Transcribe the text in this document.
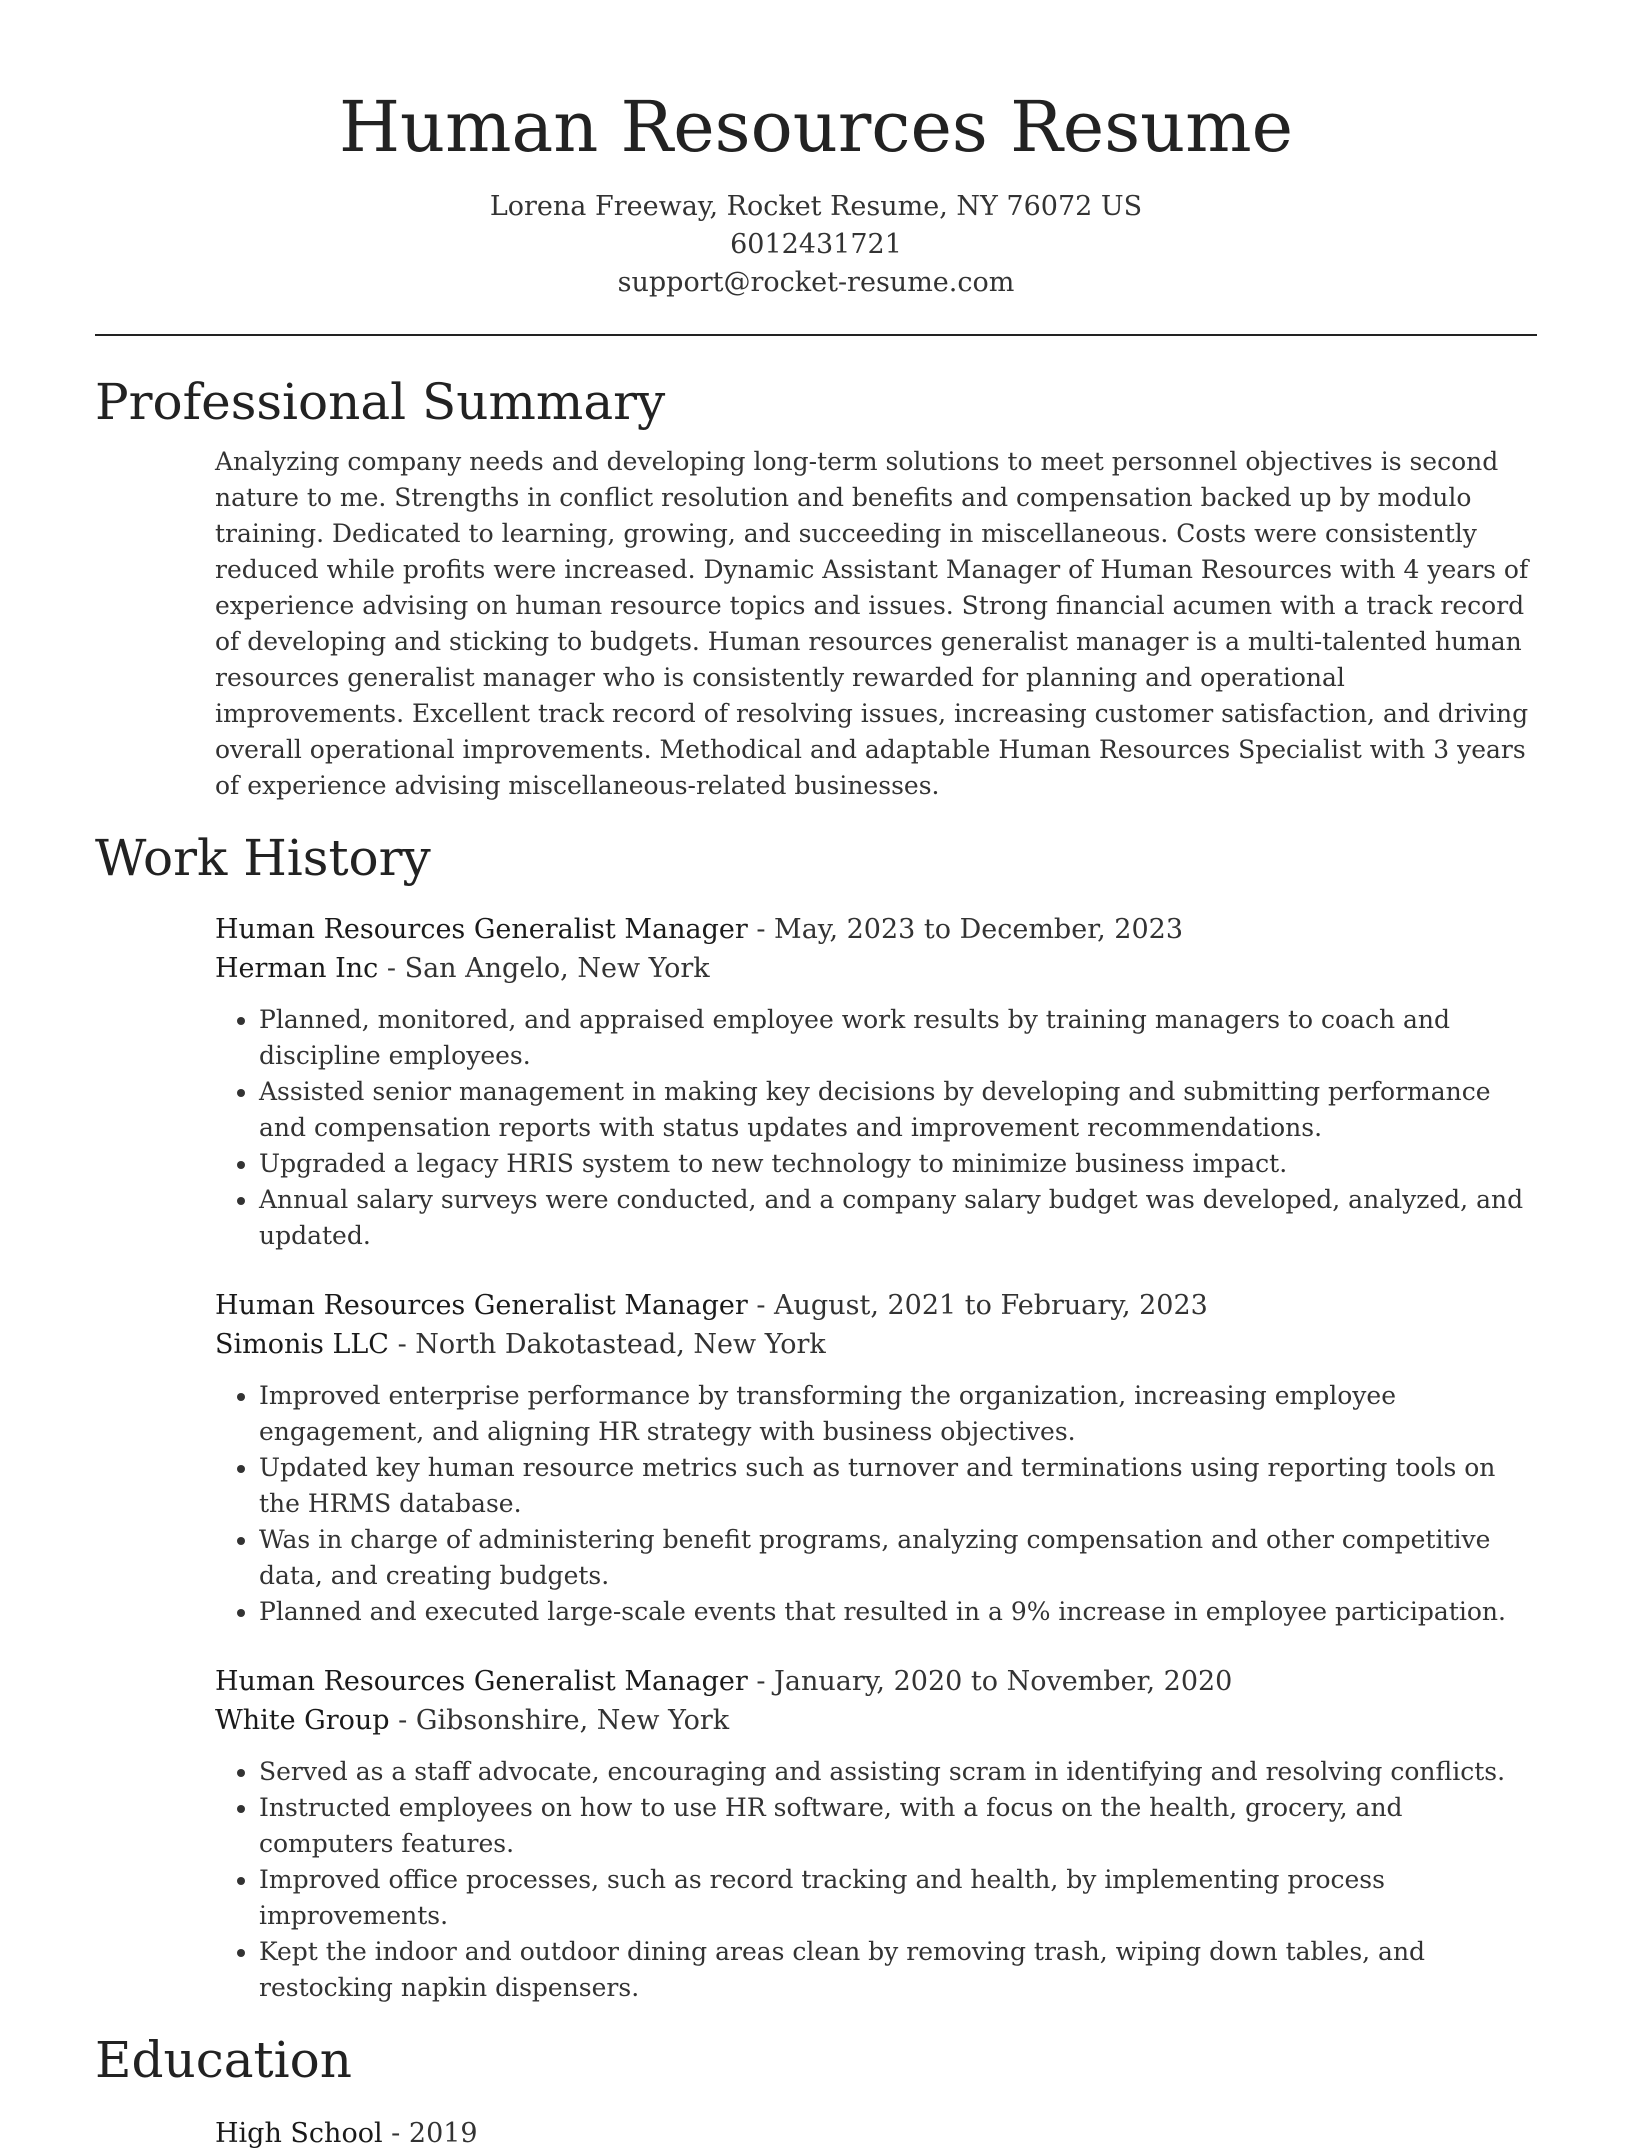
Human Resources Resume
Lorena Freeway, Rocket Resume, NY 76072 US
6012431721
support@rocket-resume.com
Professional Summary

Analyzing company needs and developing long-term solutions to meet personnel objectives is second nature to me. Strengths in conflict resolution and benefits and compensation backed up by modulo training. Dedicated to learning, growing, and succeeding in miscellaneous. Costs were consistently reduced while profits were increased. Dynamic Assistant Manager of Human Resources with 4 years of experience advising on human resource topics and issues. Strong financial acumen with a track record of developing and sticking to budgets. Human resources generalist manager is a multi-talented human resources generalist manager who is consistently rewarded for planning and operational improvements. Excellent track record of resolving issues, increasing customer satisfaction, and driving overall operational improvements. Methodical and adaptable Human Resources Specialist with 3 years of experience advising miscellaneous-related businesses.

Work History
Human Resources Generalist Manager - May, 2023 to December, 2023
Herman Inc - San Angelo, New York
• Planned, monitored, and appraised employee work results by training managers to coach and discipline employees.
• Assisted senior management in making key decisions by developing and submitting performance and compensation reports with status updates and improvement recommendations.
• Upgraded a legacy HRIS system to new technology to minimize business impact.
• Annual salary surveys were conducted, and a company salary budget was developed, analyzed, and updated.
Human Resources Generalist Manager - August, 2021 to February, 2023
Simonis LLC - North Dakotastead, New York
• Improved enterprise performance by transforming the organization, increasing employee engagement, and aligning HR strategy with business objectives.
• Updated key human resource metrics such as turnover and terminations using reporting tools on the HRMS database.
• Was in charge of administering benefit programs, analyzing compensation and other competitive data, and creating budgets.
• Planned and executed large-scale events that resulted in a 9% increase in employee participation.
Human Resources Generalist Manager - January, 2020 to November, 2020
White Group - Gibsonshire, New York
• Served as a staff advocate, encouraging and assisting scram in identifying and resolving conflicts.
• Instructed employees on how to use HR software, with a focus on the health, grocery, and computers features.
• Improved office processes, such as record tracking and health, by implementing process improvements.
• Kept the indoor and outdoor dining areas clean by removing trash, wiping down tables, and restocking napkin dispensers.
Education
High School - 2019
